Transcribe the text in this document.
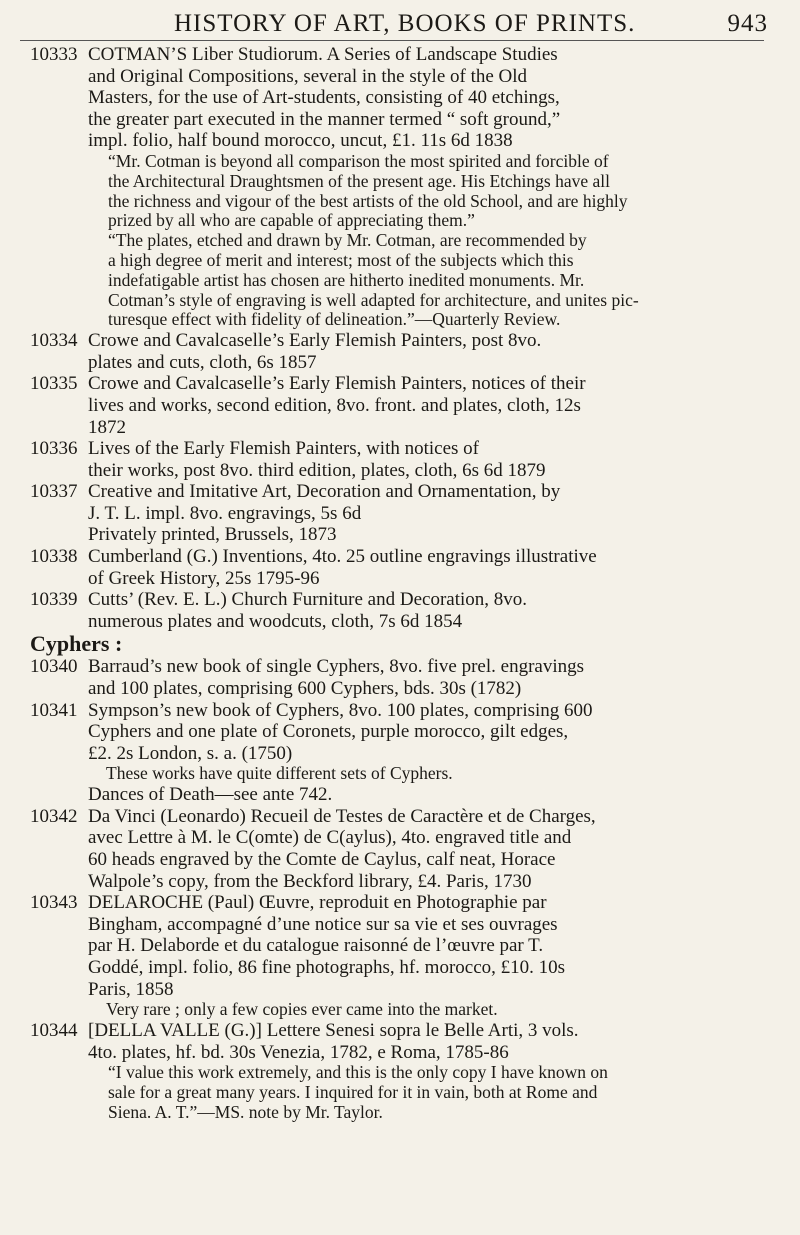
HISTORY OF ART, BOOKS OF PRINTS.	943
10333 COTMAN’S Liber Studiorum. A Series of Landscape Studies
and Original Compositions, several in the style of the Old
Masters, for the use of Art-students, consisting of 40 etchings,
the greater part executed in the manner termed “ soft ground,”
impl. folio, half bound morocco, uncut, £1. 11s 6d 1838
“Mr. Cotman is beyond all comparison the most spirited and forcible of
the Architectural Draughtsmen of the present age. His Etchings have all
the richness and vigour of the best artists of the old School, and are highly
prized by all who are capable of appreciating them.”
“The plates, etched and drawn by Mr. Cotman, are recommended by
a high degree of merit and interest; most of the subjects which this
indefatigable artist has chosen are hitherto inedited monuments. Mr.
Cotman’s style of engraving is well adapted for architecture, and unites pic-
turesque effect with fidelity of delineation.”—Quarterly Review.
10334 Crowe and Cavalcaselle’s Early Flemish Painters, post 8vo.
plates and cuts, cloth, 6s 1857
10335 Crowe and Cavalcaselle’s Early Flemish Painters, notices of their
lives and works, second edition, 8vo. front. and plates, cloth, 12s
1872
10336 Lives of the Early Flemish Painters, with notices of
their works, post 8vo. third edition, plates, cloth, 6s 6d 1879
10337 Creative and Imitative Art, Decoration and Ornamentation, by
J. T. L. impl. 8vo. engravings, 5s 6d
Privately printed, Brussels, 1873
10338 Cumberland (G.) Inventions, 4to. 25 outline engravings illustrative
of Greek History, 25s 1795-96
10339 Cutts’ (Rev. E. L.) Church Furniture and Decoration, 8vo.
numerous plates and woodcuts, cloth, 7s 6d 1854
Cyphers :
10340 Barraud’s new book of single Cyphers, 8vo. five prel. engravings
and 100 plates, comprising 600 Cyphers, bds. 30s (1782)
10341 Sympson’s new book of Cyphers, 8vo. 100 plates, comprising 600
Cyphers and one plate of Coronets, purple morocco, gilt edges,
£2. 2s London, s. a. (1750)
These works have quite different sets of Cyphers.
Dances of Death—see ante 742.
10342 Da Vinci (Leonardo) Recueil de Testes de Caractère et de Charges,
avec Lettre à M. le C(omte) de C(aylus), 4to. engraved title and
60 heads engraved by the Comte de Caylus, calf neat, Horace
Walpole’s copy, from the Beckford library, £4. Paris, 1730
10343 DELAROCHE (Paul) Œuvre, reproduit en Photographie par
Bingham, accompagné d’une notice sur sa vie et ses ouvrages
par H. Delaborde et du catalogue raisonné de l’œuvre par T.
Goddé, impl. folio, 86 fine photographs, hf. morocco, £10. 10s
Paris, 1858
Very rare ; only a few copies ever came into the market.
10344 [DELLA VALLE (G.)] Lettere Senesi sopra le Belle Arti, 3 vols.
4to. plates, hf. bd. 30s Venezia, 1782, e Roma, 1785-86
“I value this work extremely, and this is the only copy I have known on
sale for a great many years. I inquired for it in vain, both at Rome and
Siena. A. T.”—MS. note by Mr. Taylor.
